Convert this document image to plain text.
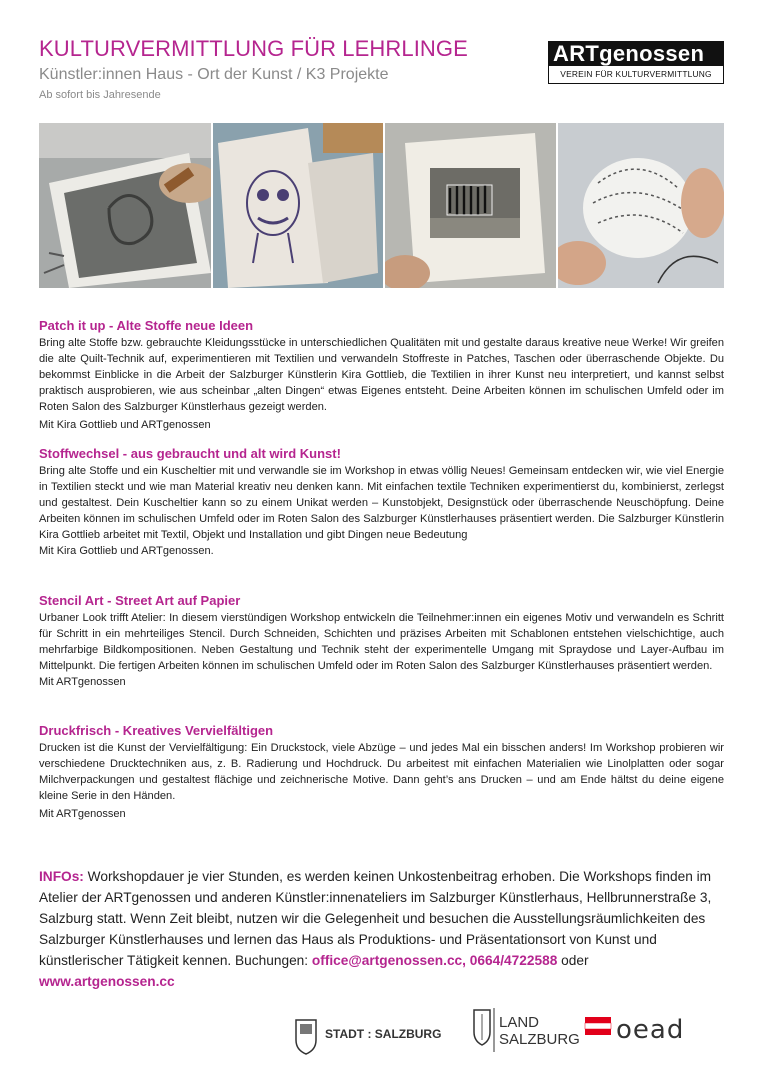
KULTURVERMITTLUNG FÜR LEHRLINGE
Künstler:innen Haus - Ort der Kunst / K3 Projekte
Ab sofort bis Jahresende
ARTgenossen
VEREIN FÜR KULTURVERMITTLUNG
Patch it up - Alte Stoffe neue Ideen

Bring alte Stoffe bzw. gebrauchte Kleidungsstücke in unterschiedlichen Qualitäten mit und gestalte daraus kreative neue Werke! Wir greifen die alte Quilt-Technik auf, experimentieren mit Textilien und verwandeln Stoffreste in Patches, Taschen oder überraschende Objekte. Du bekommst Einblicke in die Arbeit der Salzburger Künstlerin Kira Gottlieb, die Textilien in ihrer Kunst neu interpretiert, und kannst selbst praktisch ausprobieren, wie aus scheinbar „alten Dingen“ etwas Eigenes entsteht. Deine Arbeiten können im schulischen Umfeld oder im Roten Salon des Salzburger Künstlerhaus gezeigt werden.

Mit Kira Gottlieb und ARTgenossen

Stoffwechsel - aus gebraucht und alt wird Kunst!

Bring alte Stoffe und ein Kuscheltier mit und verwandle sie im Workshop in etwas völlig Neues! Gemeinsam entdecken wir, wie viel Energie in Textilien steckt und wie man Material kreativ neu denken kann. Mit einfachen textile Techniken experimentierst du, kombinierst, zerlegst und gestaltest. Dein Kuscheltier kann so zu einem Unikat werden – Kunstobjekt, Designstück oder überraschende Neuschöpfung. Deine Arbeiten können im schulischen Umfeld oder im Roten Salon des Salzburger Künstlerhauses präsentiert werden. Die Salzburger Künstlerin Kira Gottlieb arbeitet mit Textil, Objekt und Installation und gibt Dingen neue Bedeutung

Mit Kira Gottlieb und ARTgenossen.

Stencil Art - Street Art auf Papier

Urbaner Look trifft Atelier: In diesem vierstündigen Workshop entwickeln die Teilnehmer:innen ein eigenes Motiv und verwandeln es Schritt für Schritt in ein mehrteiliges Stencil. Durch Schneiden, Schichten und präzises Arbeiten mit Schablonen entstehen vielschichtige, auch mehrfarbige Bildkompositionen. Neben Gestaltung und Technik steht der experimentelle Umgang mit Spraydose und Layer-Aufbau im Mittelpunkt. Die fertigen Arbeiten können im schulischen Umfeld oder im Roten Salon des Salzburger Künstlerhauses präsentiert werden.

Mit ARTgenossen

Druckfrisch - Kreatives Vervielfältigen

Drucken ist die Kunst der Vervielfältigung: Ein Druckstock, viele Abzüge – und jedes Mal ein bisschen anders! Im Workshop probieren wir verschiedene Drucktechniken aus, z. B. Radierung und Hochdruck. Du arbeitest mit einfachen Materialien wie Linolplatten oder sogar Milchverpackungen und gestaltest flächige und zeichnerische Motive. Dann geht’s ans Drucken – und am Ende hältst du deine eigene kleine Serie in den Händen.

Mit ARTgenossen

INFOs: Workshopdauer je vier Stunden, es werden keinen Unkostenbeitrag erhoben. Die Workshops finden im Atelier der ARTgenossen und anderen Künstler:innenateliers im Salzburger Künstlerhaus, Hellbrunnerstraße 3, Salzburg statt. Wenn Zeit bleibt, nutzen wir die Gelegenheit und besuchen die Ausstellungsräumlichkeiten des Salzburger Künstlerhauses und lernen das Haus als Produktions- und Präsentationsort von Kunst und künstlerischer Tätigkeit kennen. Buchungen: office@artgenossen.cc, 0664/4722588 oder www.artgenossen.cc
STADT : SALZBURG
LAND
SALZBURG oead
